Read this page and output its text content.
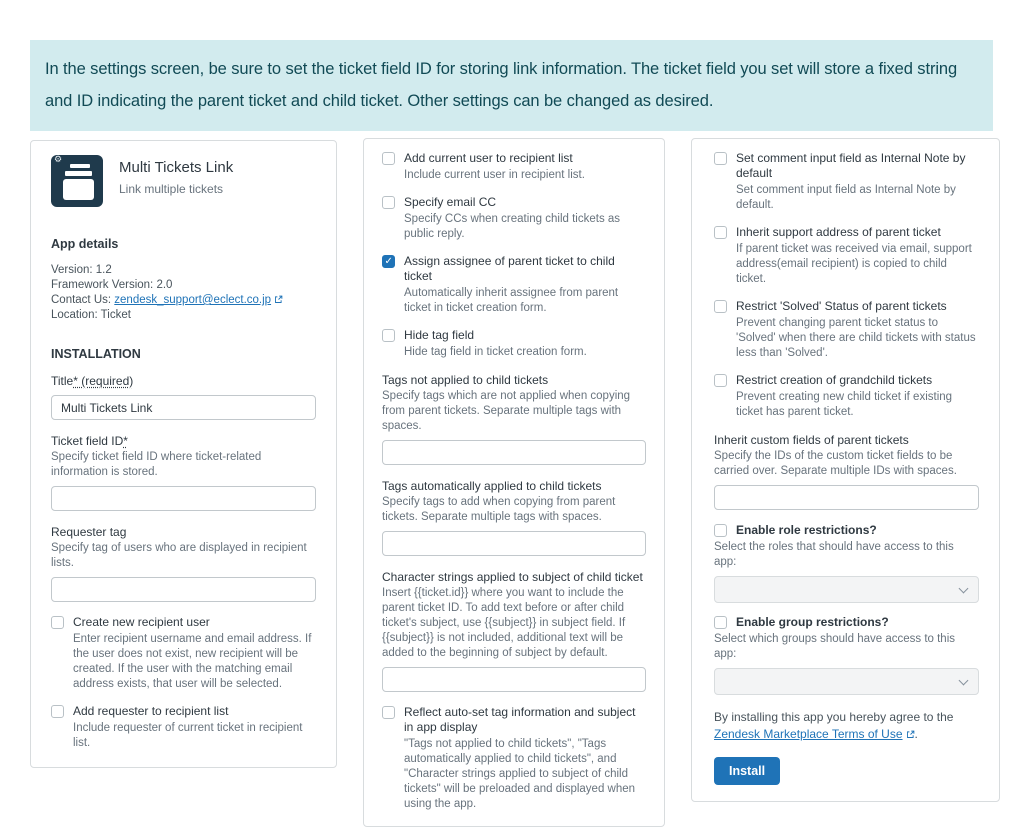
In the settings screen, be sure to set the ticket field ID for storing link information. The ticket field you set will store a fixed string and ID indicating the parent ticket and child ticket. Other settings can be changed as desired.
⚙	Multi Tickets Link
Link multiple tickets
App details
Version: 1.2
Framework Version: 2.0
Contact Us: zendesk_support@eclect.co.jp
Location: Ticket
INSTALLATION
Title* (required)
Multi Tickets Link
Ticket field ID*
Specify ticket field ID where ticket-related information is stored.
Requester tag
Specify tag of users who are displayed in recipient lists.
Create new recipient user
Enter recipient username and email address. If the user does not exist, new recipient will be created. If the user with the matching email address exists, that user will be selected.
Add requester to recipient list
Include requester of current ticket in recipient list.
Add current user to recipient list
Include current user in recipient list.
Specify email CC
Specify CCs when creating child tickets as public reply.
✓
Assign assignee of parent ticket to child ticket
Automatically inherit assignee from parent ticket in ticket creation form.
Hide tag field
Hide tag field in ticket creation form.
Tags not applied to child tickets
Specify tags which are not applied when copying from parent tickets. Separate multiple tags with spaces.
Tags automatically applied to child tickets
Specify tags to add when copying from parent tickets. Separate multiple tags with spaces.
Character strings applied to subject of child ticket
Insert {{ticket.id}} where you want to include the parent ticket ID. To add text before or after child ticket's subject, use {{subject}} in subject field. If {{subject}} is not included, additional text will be added to the beginning of subject by default.
Reflect auto-set tag information and subject in app display
"Tags not applied to child tickets", "Tags automatically applied to child tickets", and "Character strings applied to subject of child tickets" will be preloaded and displayed when using the app.
Set comment input field as Internal Note by default
Set comment input field as Internal Note by default.
Inherit support address of parent ticket
If parent ticket was received via email, support address(email recipient) is copied to child ticket.
Restrict 'Solved' Status of parent tickets
Prevent changing parent ticket status to 'Solved' when there are child tickets with status less than 'Solved'.
Restrict creation of grandchild tickets
Prevent creating new child ticket if existing ticket has parent ticket.
Inherit custom fields of parent tickets
Specify the IDs of the custom ticket fields to be carried over. Separate multiple IDs with spaces.
Enable role restrictions?
Select the roles that should have access to this app:
Enable group restrictions?
Select which groups should have access to this app:
By installing this app you hereby agree to the Zendesk Marketplace Terms of Use .
Install
